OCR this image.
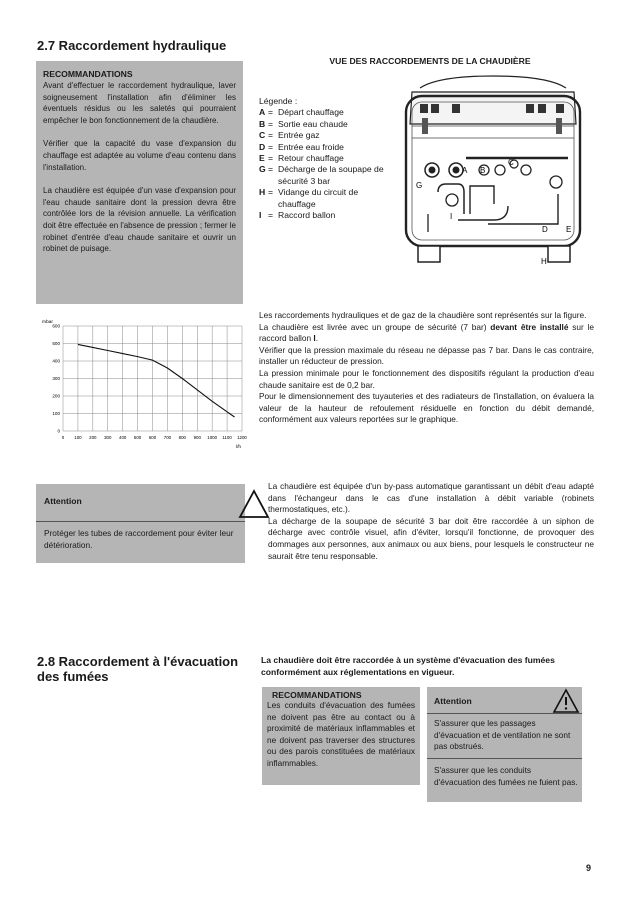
2.7 Raccordement hydraulique
RECOMMANDATIONS

Avant d'effectuer le raccordement hydraulique, laver soigneusement l'installation afin d'éliminer les éventuels résidus ou les saletés qui pourraient empêcher le bon fonctionnement de la chaudière.

Vérifier que la capacité du vase d'expansion du chauffage est adaptée au volume d'eau contenu dans l'installation.

La chaudière est équipée d'un vase d'expansion pour l'eau chaude sanitaire dont la pression devra être contrôlée lors de la révision annuelle. La vérification doit être effectuée en l'absence de pression ; fermer le robinet d'entrée d'eau chaude sanitaire et ouvrir un robinet de puisage.

VUE DES RACCORDEMENTS DE LA CHAUDIÈRE
Légende :
A = Départ chauffage
B = Sortie eau chaude
C = Entrée gaz
D = Entrée eau froide
E = Retour chauffage
G = Décharge de la soupape de sécurité 3 bar
H = Vidange du circuit de chauffage
I = Raccord ballon
A B
C
D E
G
H
I
0
100
200
300
400
500
600
0 100 200 300 400 500 600 700 800 900 1000 1100 1200
mbar
l/h

Les raccordements hydrauliques et de gaz de la chaudière sont représentés sur la figure.

La chaudière est livrée avec un groupe de sécurité (7 bar) devant être installé sur le raccord ballon I.

Vérifier que la pression maximale du réseau ne dépasse pas 7 bar. Dans le cas contraire, installer un réducteur de pression.

La pression minimale pour le fonctionnement des dispositifs régulant la production d'eau chaude sanitaire est de 0,2 bar.

Pour le dimensionnement des tuyauteries et des radiateurs de l'installation, on évaluera la valeur de la hauteur de refoulement résiduelle en fonction du débit demandé, conformément aux valeurs reportées sur le graphique.

Attention

Protéger les tubes de raccordement pour éviter leur détérioration.

La chaudière est équipée d'un by-pass automatique garantissant un débit d'eau adapté dans l'échangeur dans le cas d'une installation à débit variable (robinets thermostatiques, etc.).

La décharge de la soupape de sécurité 3 bar doit être raccordée à un siphon de décharge avec contrôle visuel, afin d'éviter, lorsqu'il fonctionne, de provoquer des dommages aux personnes, aux animaux ou aux biens, pour lesquels le constructeur ne saurait être tenu responsable.

2.8 Raccordement à l'évacuation
des fumées
La chaudière doit être raccordée à un système d'évacuation des fumées conformément aux réglementations en vigueur.
RECOMMANDATIONS

Les conduits d'évacuation des fumées ne doivent pas être au contact ou à proximité de matériaux inflammables et ne doivent pas traverser des structures ou des parois constituées de matériaux inflammables.

Attention

S'assurer que les passages d'évacuation et de ventilation ne sont pas obstrués.

S'assurer que les conduits d'évacuation des fumées ne fuient pas.

9
